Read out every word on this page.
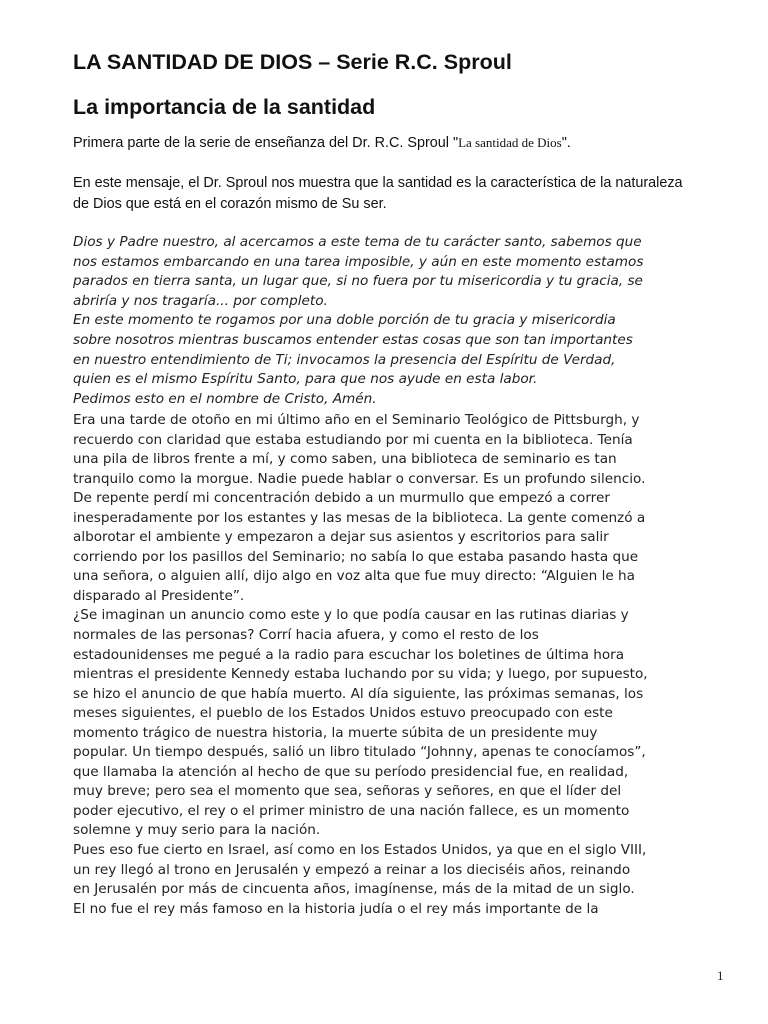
LA SANTIDAD DE DIOS – Serie R.C. Sproul
La importancia de la santidad
Primera parte de la serie de enseñanza del Dr. R.C. Sproul "La santidad de Dios".
En este mensaje, el Dr. Sproul nos muestra que la santidad es la característica de la naturaleza
de Dios que está en el corazón mismo de Su ser.
Dios y Padre nuestro, al acercamos a este tema de tu carácter santo, sabemos que
nos estamos embarcando en una tarea imposible, y aún en este momento estamos
parados en tierra santa, un lugar que, si no fuera por tu misericordia y tu gracia, se
abriría y nos tragaría... por completo.
En este momento te rogamos por una doble porción de tu gracia y misericordia
sobre nosotros mientras buscamos entender estas cosas que son tan importantes
en nuestro entendimiento de Ti; invocamos la presencia del Espíritu de Verdad,
quien es el mismo Espíritu Santo, para que nos ayude en esta labor.
Pedimos esto en el nombre de Cristo, Amén.
Era una tarde de otoño en mi último año en el Seminario Teológico de Pittsburgh, y
recuerdo con claridad que estaba estudiando por mi cuenta en la biblioteca. Tenía
una pila de libros frente a mí, y como saben, una biblioteca de seminario es tan
tranquilo como la morgue. Nadie puede hablar o conversar. Es un profundo silencio.
De repente perdí mi concentración debido a un murmullo que empezó a correr
inesperadamente por los estantes y las mesas de la biblioteca. La gente comenzó a
alborotar el ambiente y empezaron a dejar sus asientos y escritorios para salir
corriendo por los pasillos del Seminario; no sabía lo que estaba pasando hasta que
una señora, o alguien allí, dijo algo en voz alta que fue muy directo: “Alguien le ha
disparado al Presidente”.
¿Se imaginan un anuncio como este y lo que podía causar en las rutinas diarias y
normales de las personas? Corrí hacia afuera, y como el resto de los
estadounidenses me pegué a la radio para escuchar los boletines de última hora
mientras el presidente Kennedy estaba luchando por su vida; y luego, por supuesto,
se hizo el anuncio de que había muerto. Al día siguiente, las próximas semanas, los
meses siguientes, el pueblo de los Estados Unidos estuvo preocupado con este
momento trágico de nuestra historia, la muerte súbita de un presidente muy
popular. Un tiempo después, salió un libro titulado “Johnny, apenas te conocíamos”,
que llamaba la atención al hecho de que su período presidencial fue, en realidad,
muy breve; pero sea el momento que sea, señoras y señores, en que el líder del
poder ejecutivo, el rey o el primer ministro de una nación fallece, es un momento
solemne y muy serio para la nación.
Pues eso fue cierto en Israel, así como en los Estados Unidos, ya que en el siglo VIII,
un rey llegó al trono en Jerusalén y empezó a reinar a los dieciséis años, reinando
en Jerusalén por más de cincuenta años, imagínense, más de la mitad de un siglo.
El no fue el rey más famoso en la historia judía o el rey más importante de la
1
